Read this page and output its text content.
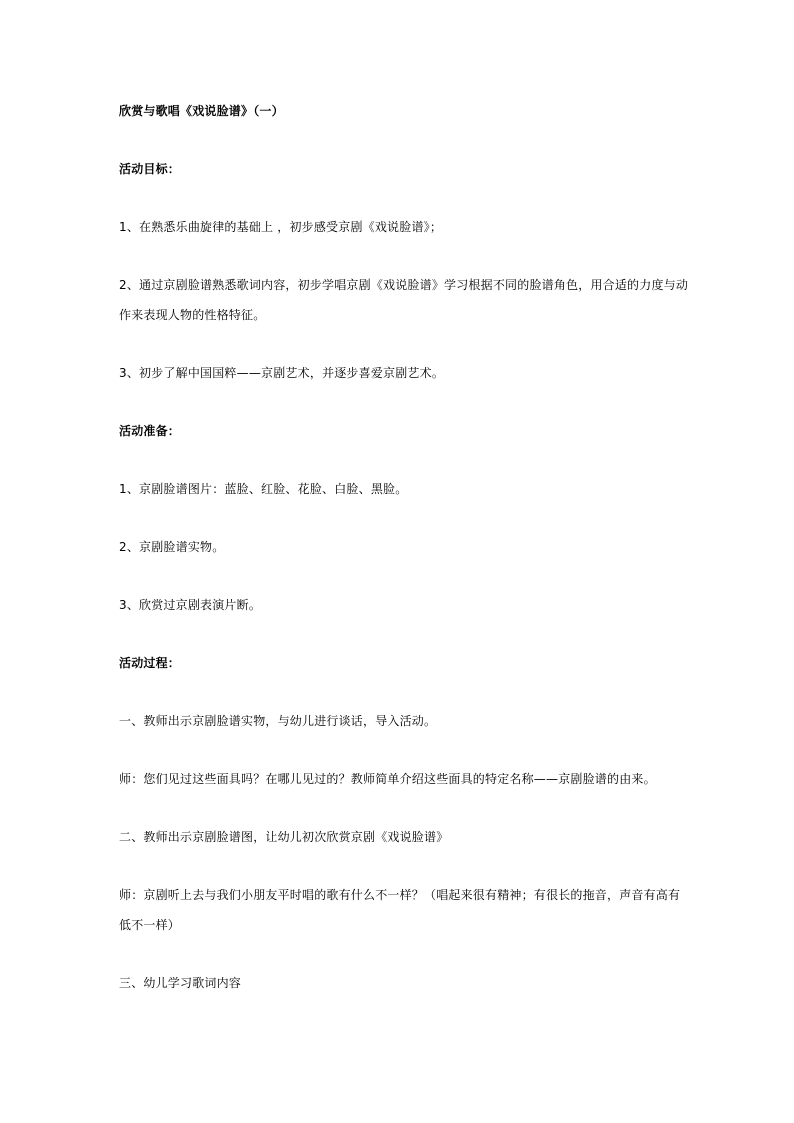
欣赏与歌唱《戏说脸谱》（一）
活动目标：
1、在熟悉乐曲旋律的基础上 ，初步感受京剧《戏说脸谱》；
2、通过京剧脸谱熟悉歌词内容，初步学唱京剧《戏说脸谱》学习根据不同的脸谱角色，用合适的力度与动
作来表现人物的性格特征。
3、初步了解中国国粹——京剧艺术，并逐步喜爱京剧艺术。
活动准备：
1、京剧脸谱图片：蓝脸、红脸、花脸、白脸、黑脸。
2、京剧脸谱实物。
3、欣赏过京剧表演片断。
活动过程：
一、教师出示京剧脸谱实物，与幼儿进行谈话，导入活动。
师：您们见过这些面具吗？在哪儿见过的？教师简单介绍这些面具的特定名称——京剧脸谱的由来。
二、教师出示京剧脸谱图，让幼儿初次欣赏京剧《戏说脸谱》
师：京剧听上去与我们小朋友平时唱的歌有什么不一样？（唱起来很有精神；有很长的拖音，声音有高有
低不一样）
三、幼儿学习歌词内容
